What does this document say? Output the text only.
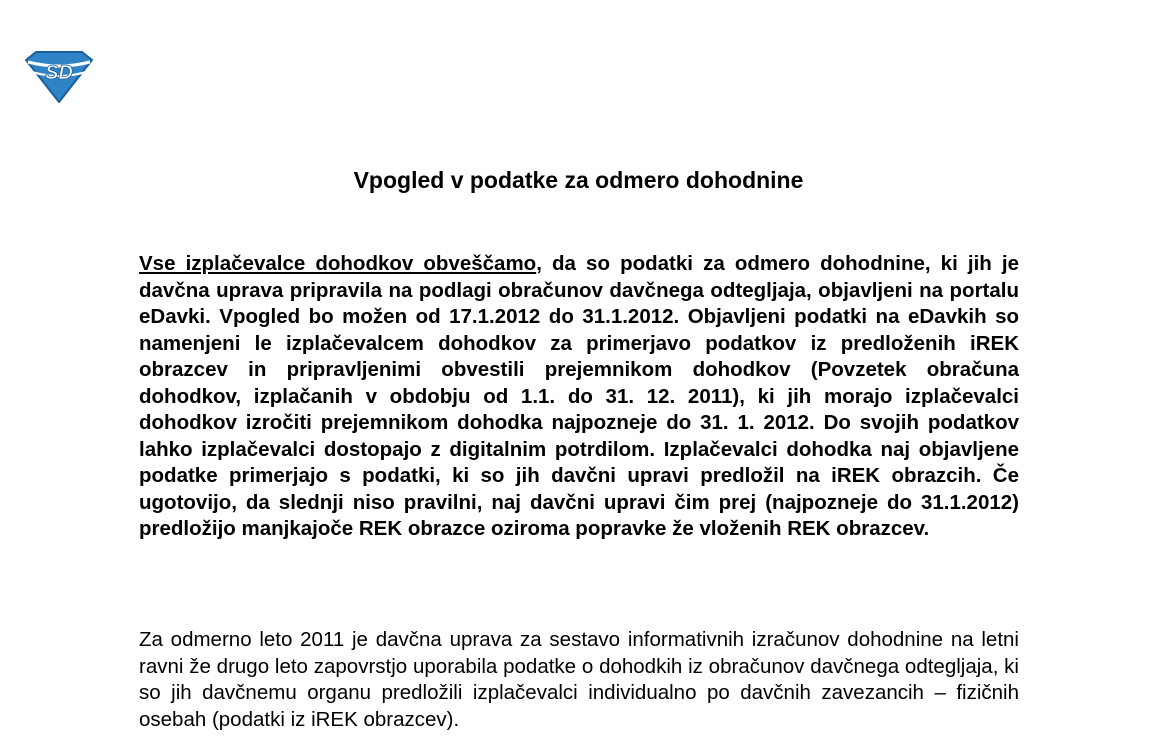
SD
Vpogled v podatke za odmero dohodnine

Vse izplačevalce dohodkov obveščamo, da so podatki za odmero dohodnine, ki jih je davčna uprava pripravila na podlagi obračunov davčnega odtegljaja, objavljeni na portalu eDavki. Vpogled bo možen od 17.1.2012 do 31.1.2012. Objavljeni podatki na eDavkih so namenjeni le izplačevalcem dohodkov za primerjavo podatkov iz predloženih iREK obrazcev in pripravljenimi obvestili prejemnikom dohodkov (Povzetek obračuna dohodkov, izplačanih v obdobju od 1.1. do 31. 12. 2011), ki jih morajo izplačevalci dohodkov izročiti prejemnikom dohodka najpozneje do 31. 1. 2012. Do svojih podatkov lahko izplačevalci dostopajo z digitalnim potrdilom. Izplačevalci dohodka naj objavljene podatke primerjajo s podatki, ki so jih davčni upravi predložil na iREK obrazcih. Če ugotovijo, da slednji niso pravilni, naj davčni upravi čim prej (najpozneje do 31.1.2012) predložijo manjkajoče REK obrazce oziroma popravke že vloženih REK obrazcev.

Za odmerno leto 2011 je davčna uprava za sestavo informativnih izračunov dohodnine na letni ravni že drugo leto zapovrstjo uporabila podatke o dohodkih iz obračunov davčnega odtegljaja, ki so jih davčnemu organu predložili izplačevalci individualno po davčnih zavezancih – fizičnih osebah (podatki iz iREK obrazcev).
